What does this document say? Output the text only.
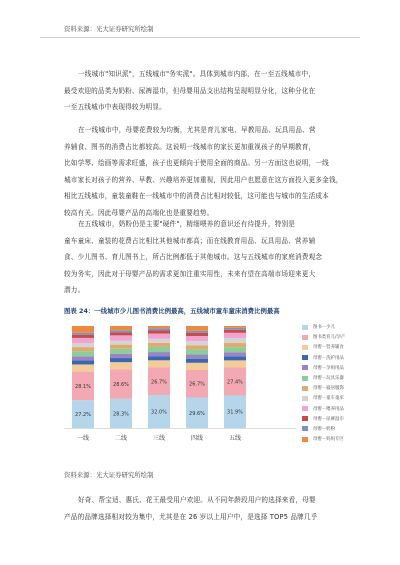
资料来源：光大证券研究所绘制
一线城市"知识派"，五线城市"务实派"。具体到城市内部，在一至五线城市中，
最受欢迎的品类为奶粉、尿裤湿巾，但母婴用品支出结构呈现明显分化，这种分化在
一至五线城市中表现得较为明显。
在一线城市中，母婴花费较为均衡，尤其是育儿家电、早教用品、玩具用品、营
养辅食、图书的消费占比都较高。这说明一线城市的家长更加重视孩子的早期教育，
比如学琴、绘画等需求旺盛，孩子也更倾向于使用全面的商品。另一方面这也说明，一线
城市家长对孩子的营养、早教、兴趣培养更加重视，因此用户也愿意在这方面投入更多金钱，
相比五线城市，童装童鞋在一线城市中的消费占比相对较低，这可能也与城市的生活成本
较高有关。因此母婴产品的高端化也是重要趋势。
在五线城市，奶粉仍是主要"硬件"，精细喂养的意识还有待提升，特别是
童车童床、童装的花费占比相比其他城市都高；而在线教育用品、玩具用品、营养辅
食、少儿图书、育儿图书上，所占比例都低于其他城市。这与五线城市的家庭消费观念
较为务实，因此对于母婴产品的需求更加注重实用性，未来有望在高端市场迎来更大
潜力。
图表 24：一线城市少儿图书消费比例最高，五线城市童车童床消费比例最高
27.2%
28.1%
一线
28.3%
28.6%
二线
32.0%
26.7%
三线
29.6%
26.7%
四线
31.9%
27.4%
五线
图书－少儿
图书类育儿/孕产
母婴－营养辅食
母婴－洗护用品
母婴－孕妈用品
母婴－玩具乐器
母婴－寝居服饰
母婴－童车童床
母婴－喂养用品
母婴－尿裤湿巾
母婴－奶粉
母婴－妈妈专区
资料来源：光大证券研究所绘制
好奇、帮宝适、惠氏、花王最受用户欢迎。从不同年龄段用户的选择来看，母婴
产品的品牌选择相对较为集中，尤其是在 26 岁以上用户中，是选择 TOP5 品牌几乎
